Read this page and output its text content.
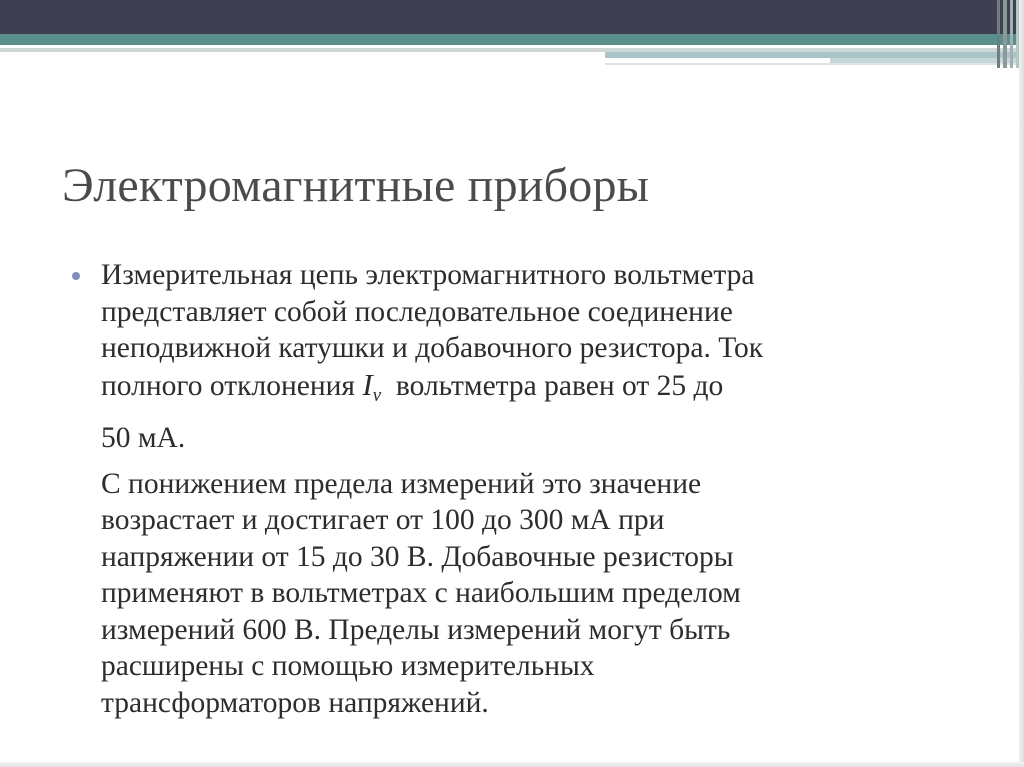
Электромагнитные приборы
Измерительная цепь электромагнитного вольтметра
представляет собой последовательное соединение
неподвижной катушки и добавочного резистора. Ток
полного отклонения $I_v$ вольтметра равен от 25 до
50 мА.
С понижением предела измерений это значение
возрастает и достигает от 100 до 300 мА при
напряжении от 15 до 30 В. Добавочные резисторы
применяют в вольтметрах с наибольшим пределом
измерений 600 В. Пределы измерений могут быть
расширены с помощью измерительных
трансформаторов напряжений.
